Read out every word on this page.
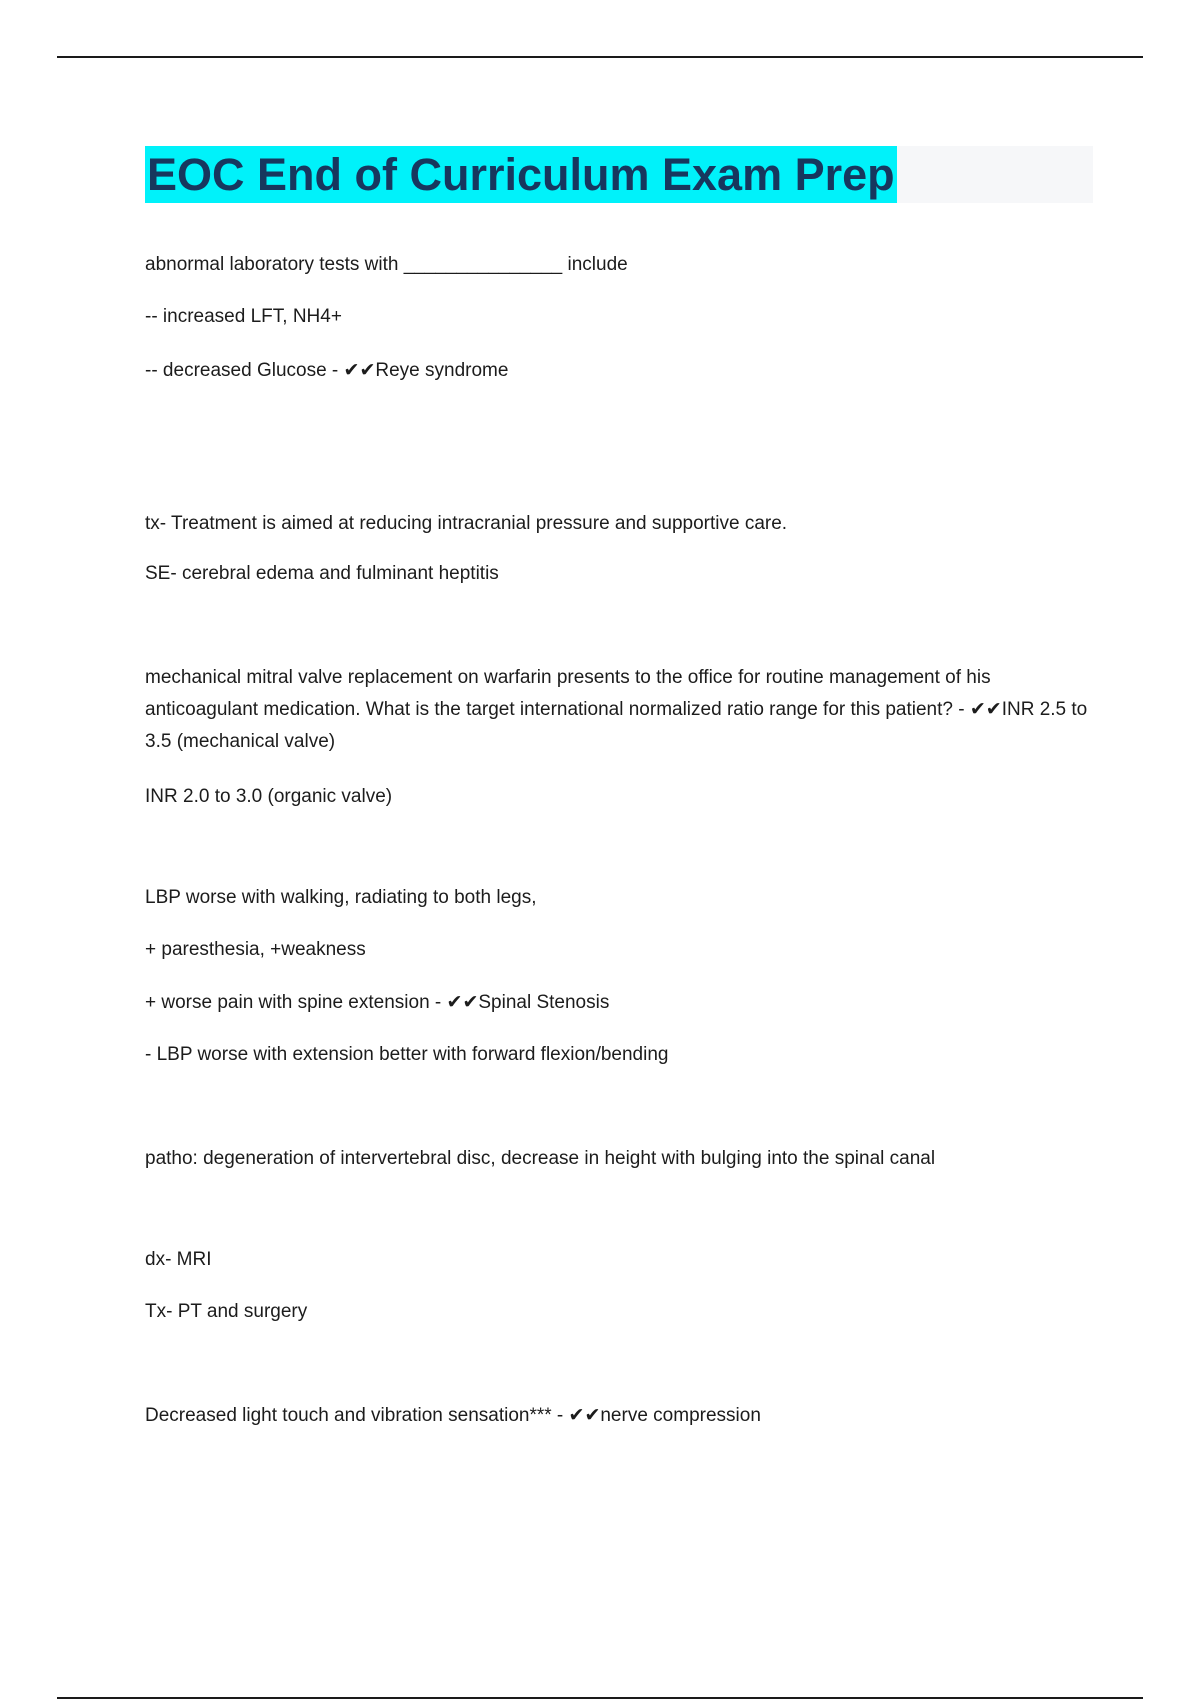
EOC End of Curriculum Exam Prep
abnormal laboratory tests with _______________ include
-- increased LFT, NH4+
-- decreased Glucose - ✔✔Reye syndrome
tx- Treatment is aimed at reducing intracranial pressure and supportive care.
SE- cerebral edema and fulminant heptitis
mechanical mitral valve replacement on warfarin presents to the office for routine management of his anticoagulant medication. What is the target international normalized ratio range for this patient? - ✔✔INR 2.5 to 3.5 (mechanical valve)
INR 2.0 to 3.0 (organic valve)
LBP worse with walking, radiating to both legs,
+ paresthesia, +weakness
+ worse pain with spine extension - ✔✔Spinal Stenosis
- LBP worse with extension better with forward flexion/bending
patho: degeneration of intervertebral disc, decrease in height with bulging into the spinal canal
dx- MRI
Tx- PT and surgery
Decreased light touch and vibration sensation*** - ✔✔nerve compression
